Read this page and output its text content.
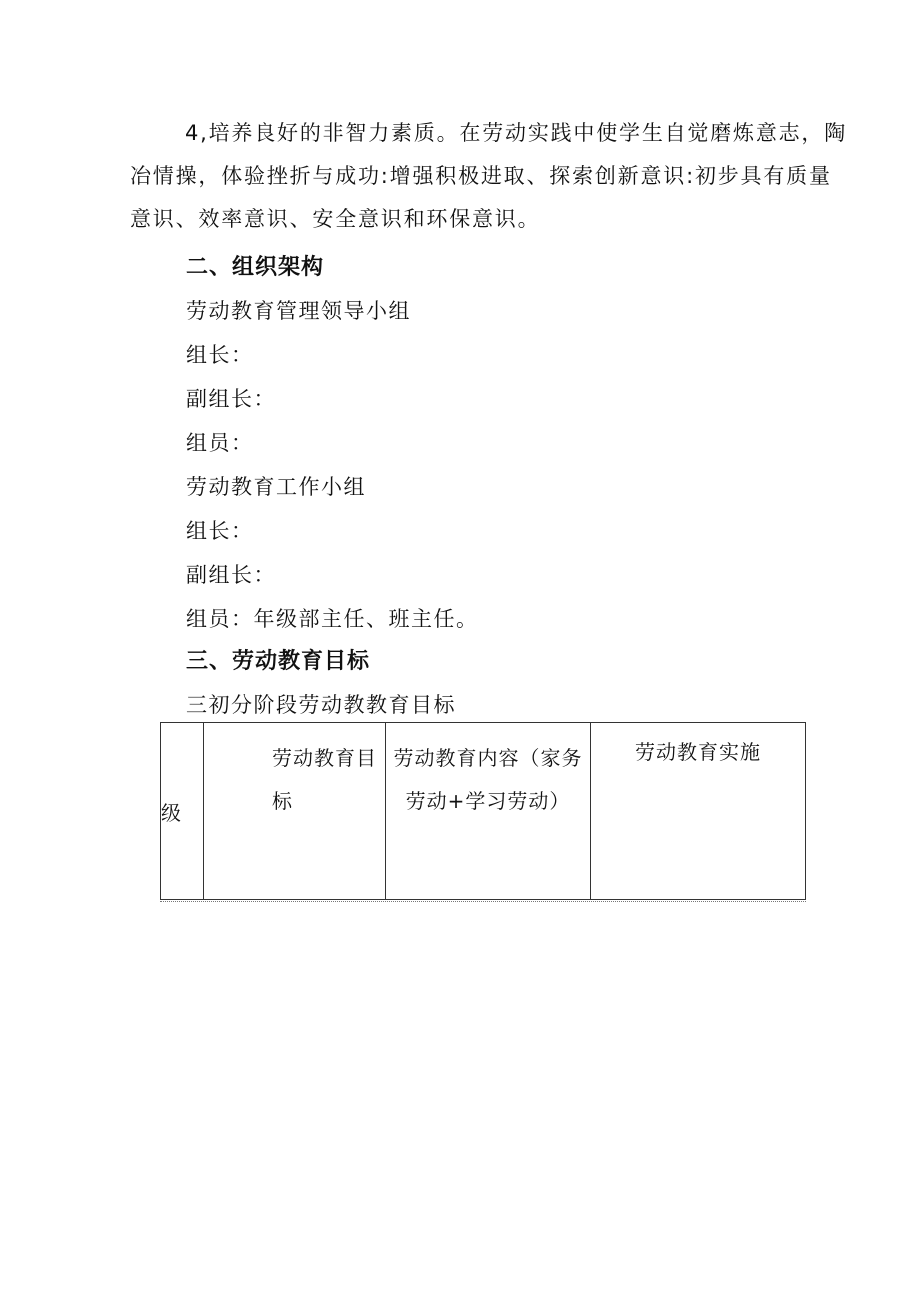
4,培养良好的非智力素质。在劳动实践中使学生自觉磨炼意志，陶冶情操，体验挫折与成功:增强积极进取、探索创新意识:初步具有质量意识、效率意识、安全意识和环保意识。
二、组织架构
劳动教育管理领导小组
组长：
副组长：
组员：
劳动教育工作小组
组长：
副组长：
组员：年级部主任、班主任。
三、劳动教育目标
三初分阶段劳动教教育目标
级	劳动教育目标	劳动教育内容（家务劳动+学习劳动）	劳动教育实施
